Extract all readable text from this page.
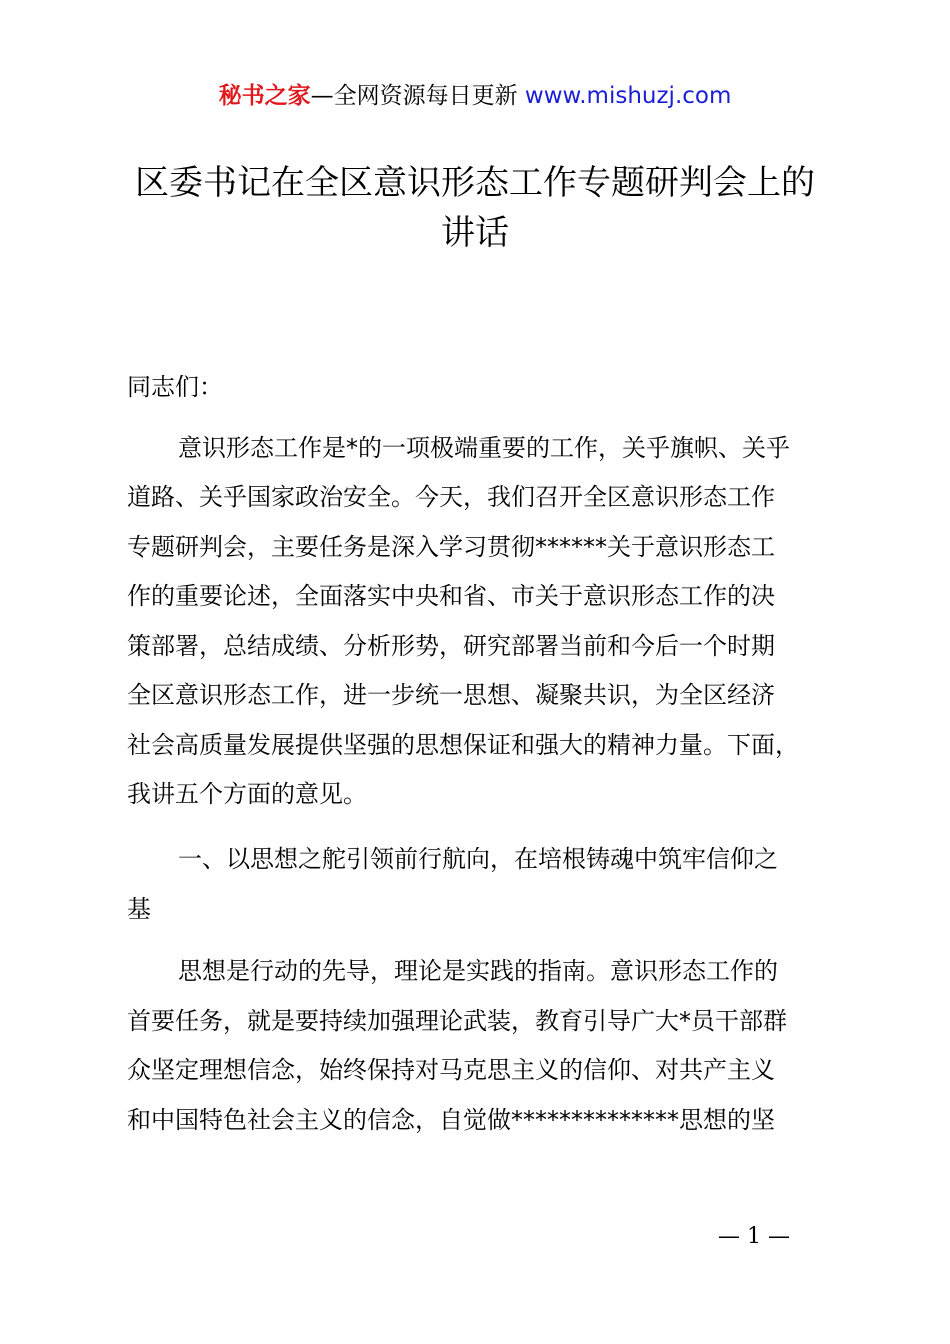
秘书之家—全网资源每日更新 www.mishuzj.com
区委书记在全区意识形态工作专题研判会上的
讲话
同志们：
意识形态工作是*的一项极端重要的工作，关乎旗帜、关乎
道路、关乎国家政治安全。今天，我们召开全区意识形态工作
专题研判会，主要任务是深入学习贯彻******关于意识形态工
作的重要论述，全面落实中央和省、市关于意识形态工作的决
策部署，总结成绩、分析形势，研究部署当前和今后一个时期
全区意识形态工作，进一步统一思想、凝聚共识，为全区经济
社会高质量发展提供坚强的思想保证和强大的精神力量。下面，
我讲五个方面的意见。
一、以思想之舵引领前行航向，在培根铸魂中筑牢信仰之
基
思想是行动的先导，理论是实践的指南。意识形态工作的
首要任务，就是要持续加强理论武装，教育引导广大*员干部群
众坚定理想信念，始终保持对马克思主义的信仰、对共产主义
和中国特色社会主义的信念，自觉做**************思想的坚
— 1 —
